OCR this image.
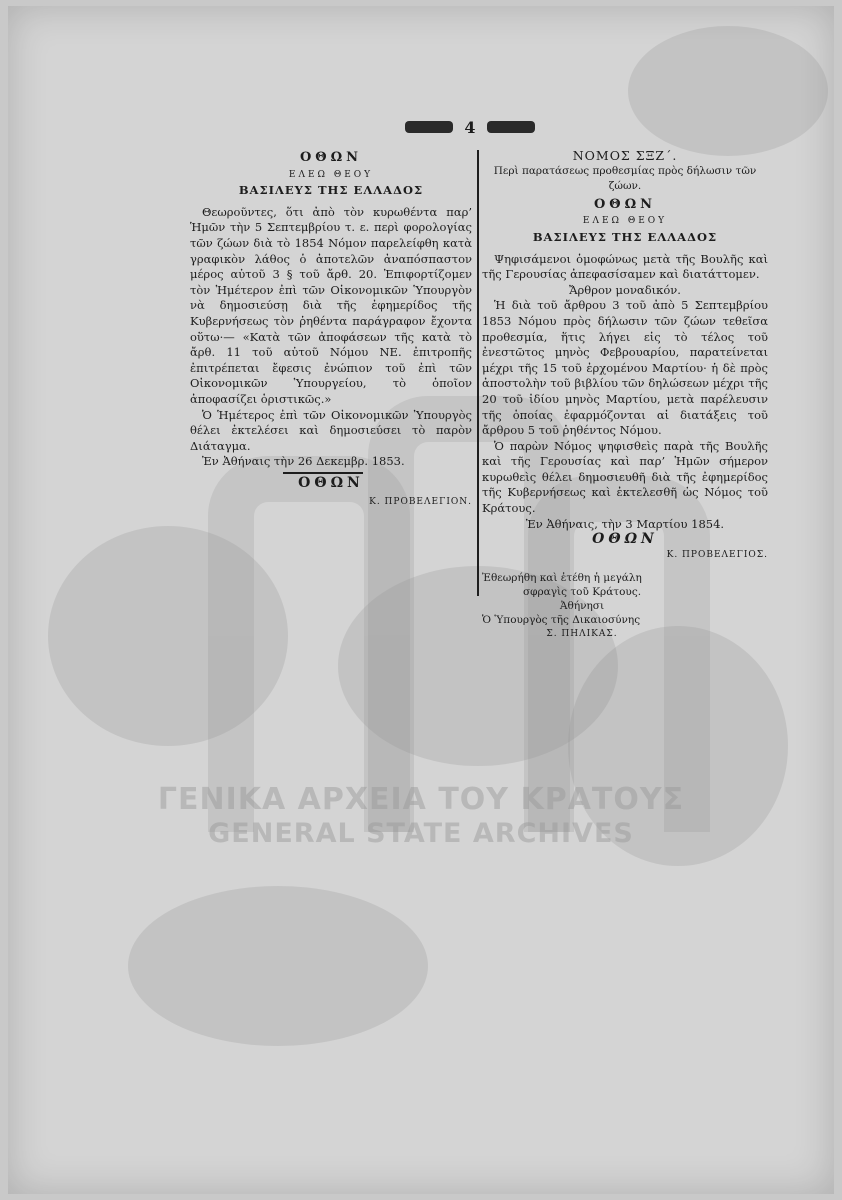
ΓΕΝΙΚΑ ΑΡΧΕΙΑ ΤΟΥ ΚΡΑΤΟΥΣ
GENERAL STATE ARCHIVES
4
ΟΘΩΝ
ΕΛΕΩ ΘΕΟΥ
ΒΑΣΙΛΕΥΣ ΤΗΣ ΕΛΛΑΔΟΣ

Θεωροῦντες, ὅτι ἀπὸ τὸν κυρωθέντα παρ’ Ἡμῶν τὴν 5 Σεπτεμβρίου τ. ε. περὶ φορολογίας τῶν ζώων διὰ τὸ 1854 Νόμον παρελείφθη κατὰ γραφικὸν λάθος ὁ ἀποτελῶν ἀναπόσπαστον μέρος αὐτοῦ 3 § τοῦ ἄρθ. 20. Ἐπιφορτίζομεν τὸν Ἡμέτερον ἐπὶ τῶν Οἰκονομικῶν Ὑπουργὸν νὰ δημοσιεύσῃ διὰ τῆς ἐφημερίδος τῆς Κυβερνήσεως τὸν ῥηθέντα παράγραφον ἔχοντα οὕτω·— «Κατὰ τῶν ἀποφάσεων τῆς κατὰ τὸ ἄρθ. 11 τοῦ αὐτοῦ Νόμου ΝΕ. ἐπιτροπῆς ἐπιτρέπεται ἔφεσις ἐνώπιον τοῦ ἐπὶ τῶν Οἰκονομικῶν Ὑπουργείου, τὸ ὁποῖον ἀποφασίζει ὁριστικῶς.»

Ὁ Ἡμέτερος ἐπὶ τῶν Οἰκονομικῶν Ὑπουργὸς θέλει ἐκτελέσει καὶ δημοσιεύσει τὸ παρὸν Διάταγμα.

Ἐν Ἀθήναις τὴν 26 Δεκεμβρ. 1853.

ΟΘΩΝ
Κ. ΠΡΟΒΕΛΕΓΙΟΝ.
ΝΟΜΟΣ ΣΞΖ΄.
Περὶ παρατάσεως προθεσμίας πρὸς δήλωσιν τῶν ζώων.
ΟΘΩΝ
ΕΛΕΩ ΘΕΟΥ
ΒΑΣΙΛΕΥΣ ΤΗΣ ΕΛΛΑΔΟΣ

Ψηφισάμενοι ὁμοφώνως μετὰ τῆς Βουλῆς καὶ τῆς Γερουσίας ἀπεφασίσαμεν καὶ διατάττομεν.

Ἄρθρον μοναδικόν.

Ἡ διὰ τοῦ ἄρθρου 3 τοῦ ἀπὸ 5 Σεπτεμβρίου 1853 Νόμου πρὸς δήλωσιν τῶν ζώων τεθεῖσα προθεσμία, ἥτις λήγει εἰς τὸ τέλος τοῦ ἐνεστῶτος μηνὸς Φεβρουαρίου, παρατείνεται μέχρι τῆς 15 τοῦ ἐρχομένου Μαρτίου· ἡ δὲ πρὸς ἀποστολὴν τοῦ βιβλίου τῶν δηλώσεων μέχρι τῆς 20 τοῦ ἰδίου μηνὸς Μαρτίου, μετὰ παρέλευσιν τῆς ὁποίας ἐφαρμόζονται αἱ διατάξεις τοῦ ἄρθρου 5 τοῦ ῥηθέντος Νόμου.

Ὁ παρὼν Νόμος ψηφισθεὶς παρὰ τῆς Βουλῆς καὶ τῆς Γερουσίας καὶ παρ’ Ἡμῶν σήμερον κυρωθεὶς θέλει δημοσιευθῆ διὰ τῆς ἐφημερίδος τῆς Κυβερνήσεως καὶ ἐκτελεσθῆ ὡς Νόμος τοῦ Κράτους.

Ἐν Ἀθήναις, τὴν 3 Μαρτίου 1854.
ΟΘΩΝ
Κ. ΠΡΟΒΕΛΕΓΙΟΣ.
Ἐθεωρήθη καὶ ἐτέθη ἡ μεγάλη
σφραγὶς τοῦ Κράτους.
Ἀθήνησι
Ὁ Ὑπουργὸς τῆς Δικαιοσύνης
Σ. ΠΗΛΙΚΑΣ.
